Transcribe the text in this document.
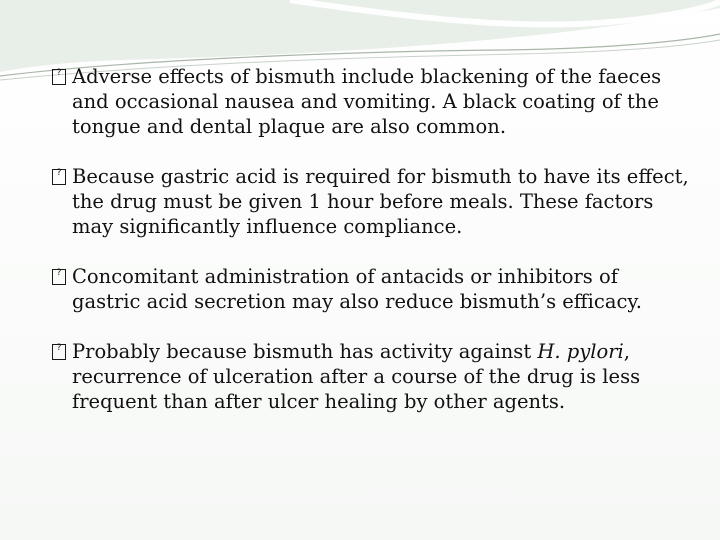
? Adverse effects of bismuth include blackening of the faeces and occasional nausea and vomiting. A black coating of the tongue and dental plaque are also common.
? Because gastric acid is required for bismuth to have its effect, the drug must be given 1 hour before meals. These factors may significantly influence compliance.
? Concomitant administration of antacids or inhibitors of gastric acid secretion may also reduce bismuth’s efficacy.
? Probably because bismuth has activity against H. pylori, recurrence of ulceration after a course of the drug is less frequent than after ulcer healing by other agents.
